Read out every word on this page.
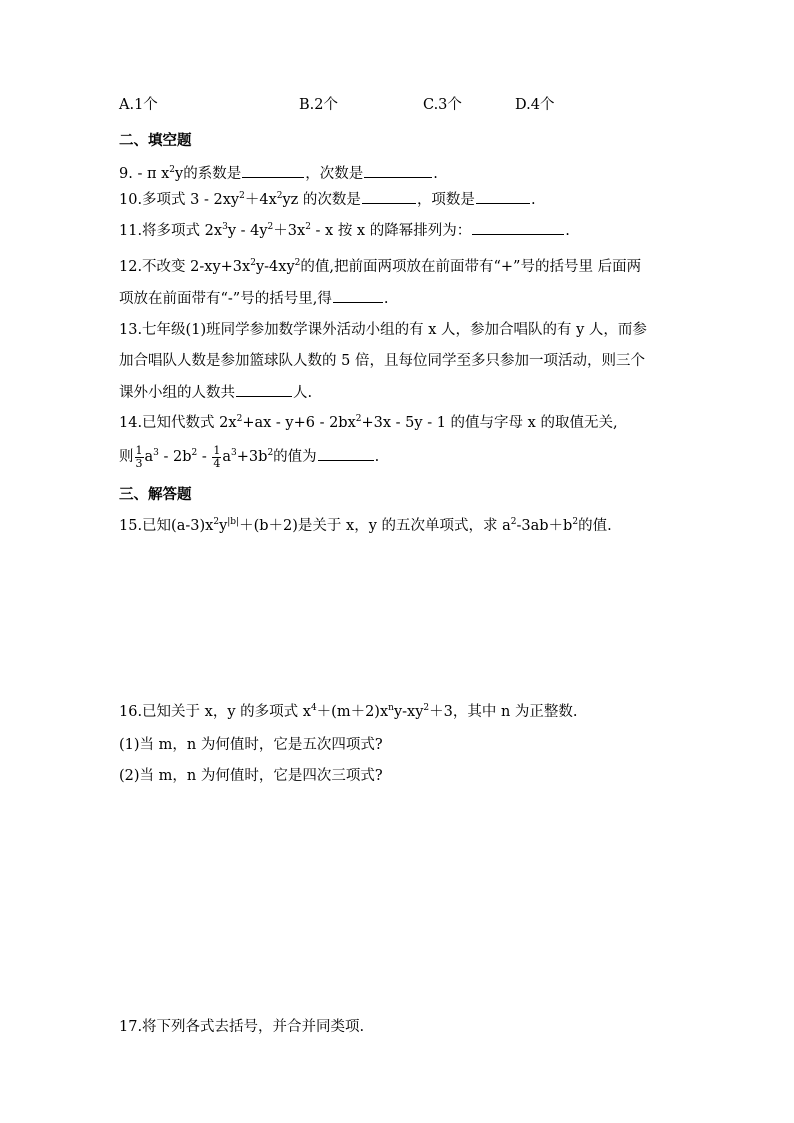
A.1个	B.2个	C.3个	D.4个
二、填空题
9. - π $x^2y$的系数是	，次数是	.
10.多项式 $3 - 2xy^2+4x^2yz$ 的次数是	，项数是	.
11.将多项式 $2x^3y - 4y^2+3x^2 - x$ 按 x 的降幂排列为：	.
12.不改变 $2-xy+3x^2y-4xy^2$的值,把前面两项放在前面带有“+”号的括号里 后面两
项放在前面带有“-”号的括号里,得	.
13.七年级(1)班同学参加数学课外活动小组的有 x 人，参加合唱队的有 y 人，而参
加合唱队人数是参加篮球队人数的 5 倍，且每位同学至多只参加一项活动，则三个
课外小组的人数共	人.
14.已知代数式 $2x^2+ax - y+6 - 2bx^2+3x - 5y - 1$ 的值与字母 x 的取值无关,
则 $\frac{1}{3} a^3 - 2b^2 - \frac{1}{4} a^3+3b^2$的值为	.
三、解答题
15.已知$(a-3)x^2y^{|b|}+(b+2)$是关于 x，y 的五次单项式，求 $a^2-3ab+b^2$的值.
16.已知关于 x，y 的多项式 $x^4+(m+2)x^ny-xy^2+3$，其中 n 为正整数.
(1)当 m，n 为何值时，它是五次四项式?
(2)当 m，n 为何值时，它是四次三项式?
17.将下列各式去括号，并合并同类项.
